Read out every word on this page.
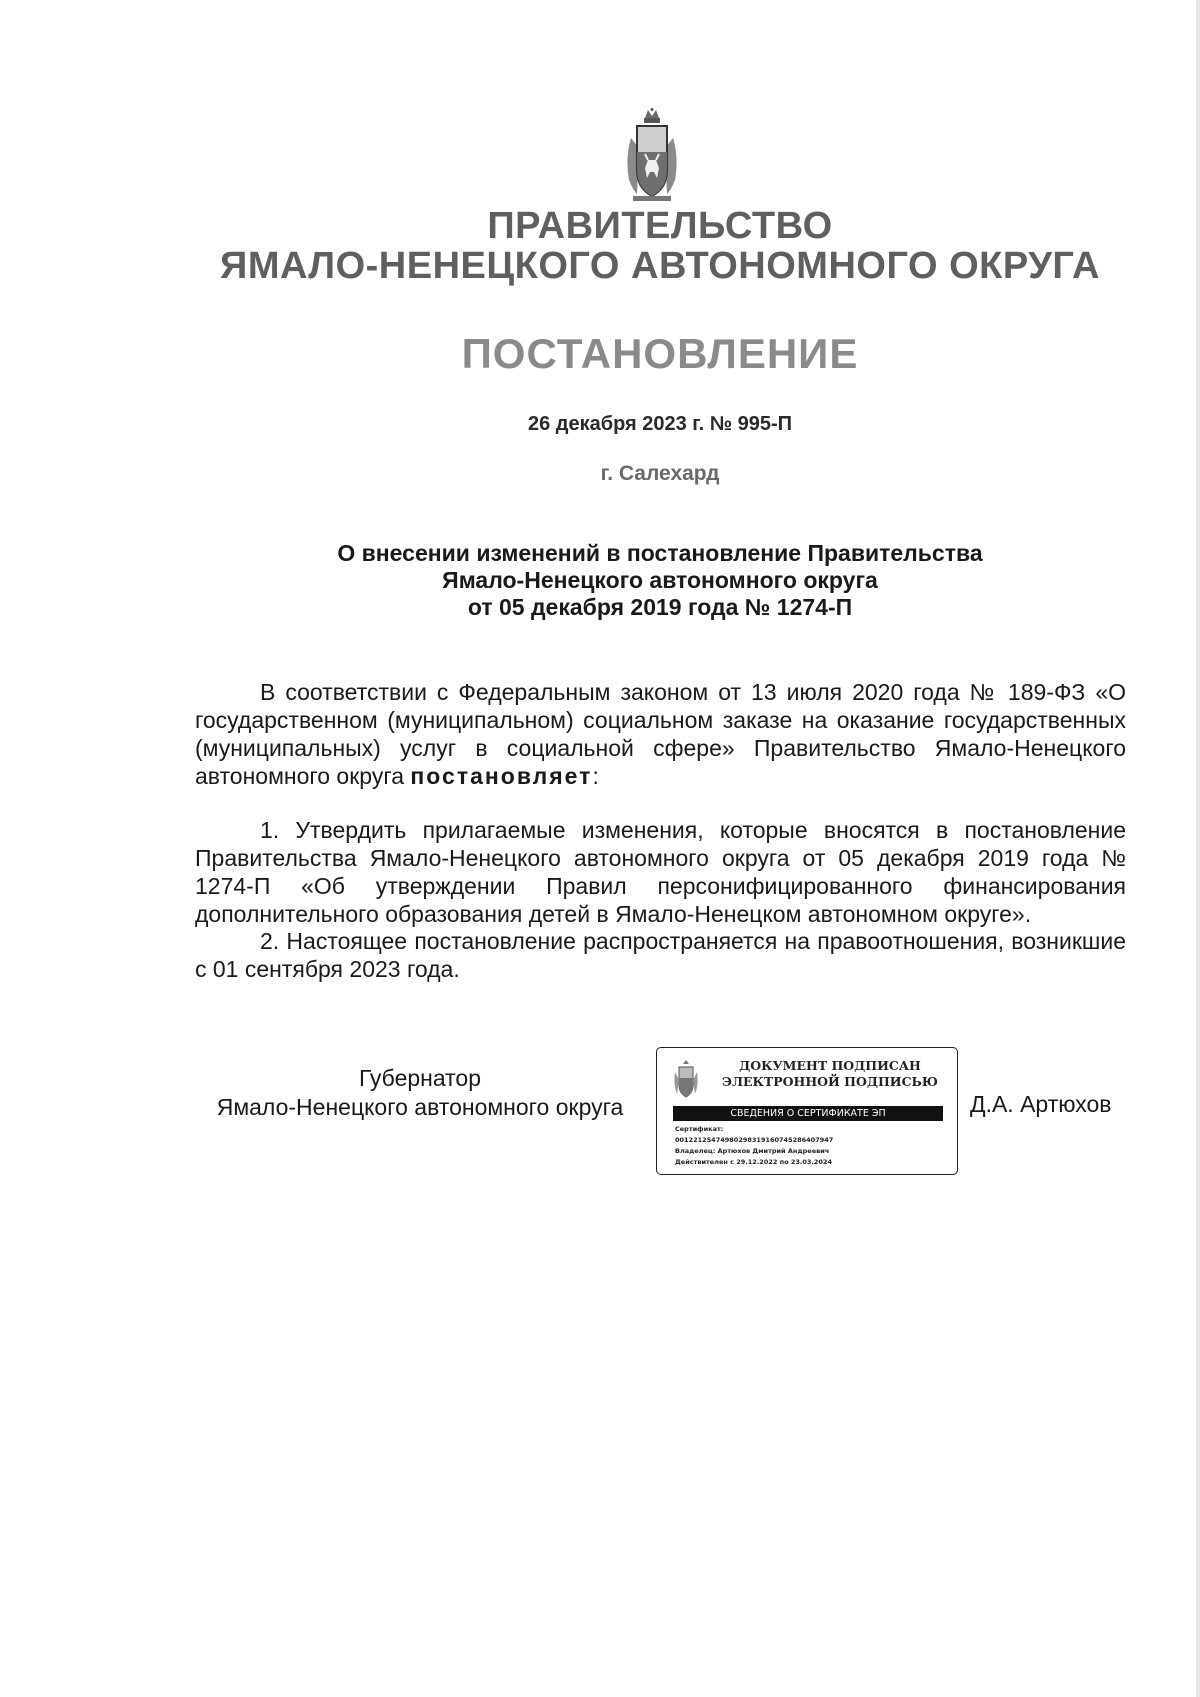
ПРАВИТЕЛЬСТВО
ЯМАЛО-НЕНЕЦКОГО АВТОНОМНОГО ОКРУГА
ПОСТАНОВЛЕНИЕ
26 декабря 2023 г. № 995-П
г. Салехард
О внесении изменений в постановление Правительства
Ямало-Ненецкого автономного округа
от 05 декабря 2019 года № 1274-П

В соответствии с Федеральным законом от 13 июля 2020 года № 189-ФЗ «О государственном (муниципальном) социальном заказе на оказание государственных (муниципальных) услуг в социальной сфере» Правительство Ямало-Ненецкого автономного округа постановляет:

1. Утвердить прилагаемые изменения, которые вносятся в постановление Правительства Ямало-Ненецкого автономного округа от 05 декабря 2019 года № 1274-П «Об утверждении Правил персонифицированного финансирования дополнительного образования детей в Ямало-Ненецком автономном округе».

2. Настоящее постановление распространяется на правоотношения, возникшие с 01 сентября 2023 года.

Губернатор
Ямало-Ненецкого автономного округа
ДОКУМЕНТ ПОДПИСАН
ЭЛЕКТРОННОЙ ПОДПИСЬЮ
СВЕДЕНИЯ О СЕРТИФИКАТЕ ЭП
Сертификат:
00122125474980298319160745286407947
Владелец: Артюхов Дмитрий Андреевич
Действителен с 29.12.2022 по 23.03.2024
Д.А. Артюхов
